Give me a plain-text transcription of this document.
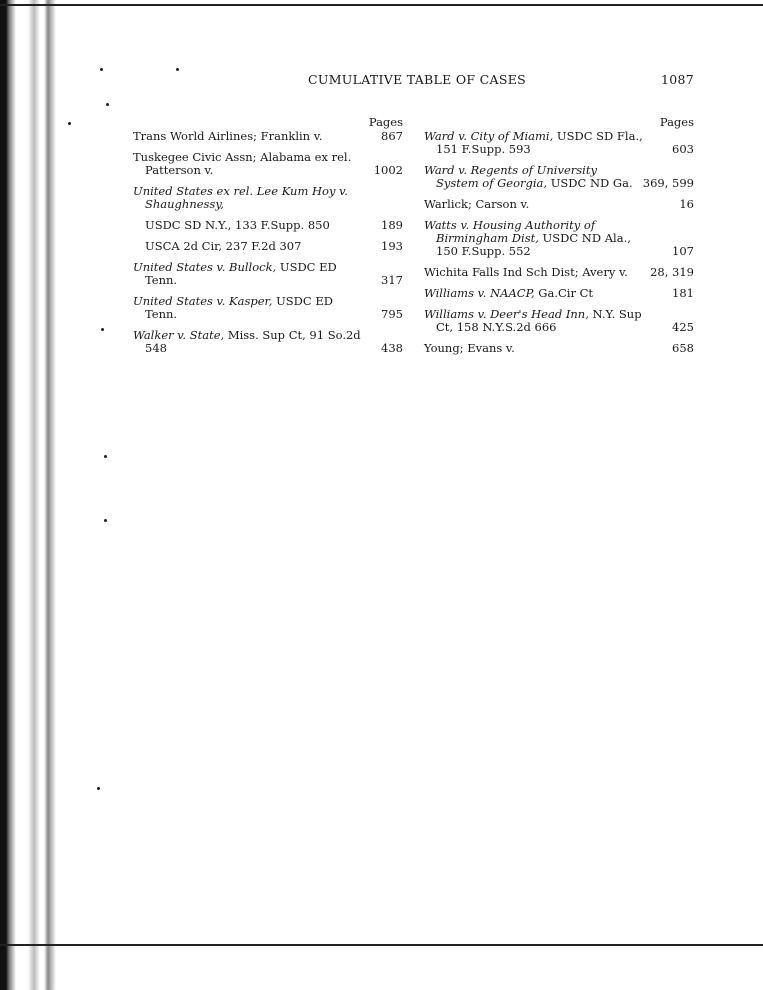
CUMULATIVE TABLE OF CASES	1087
Pages
Trans World Airlines; Franklin v.	867
Tuskegee Civic Assn; Alabama ex rel. Patterson v.	1002
United States ex rel. Lee Kum Hoy v. Shaughnessy,
USDC SD N.Y., 133 F.Supp. 850	189
USCA 2d Cir, 237 F.2d 307	193
United States v. Bullock, USDC ED Tenn.	317
United States v. Kasper, USDC ED Tenn.	795
Walker v. State, Miss. Sup Ct, 91 So.2d 548	438
Pages
Ward v. City of Miami, USDC SD Fla., 151 F.Supp. 593	603
Ward v. Regents of University System of Georgia, USDC ND Ga. 369, 599
Warlick; Carson v.	16
Watts v. Housing Authority of Birmingham Dist, USDC ND Ala., 150 F.Supp. 552	107
Wichita Falls Ind Sch Dist; Avery v.	28, 319
Williams v. NAACP, Ga.Cir Ct	181
Williams v. Deer's Head Inn, N.Y. Sup Ct, 158 N.Y.S.2d 666	425
Young; Evans v.	658
